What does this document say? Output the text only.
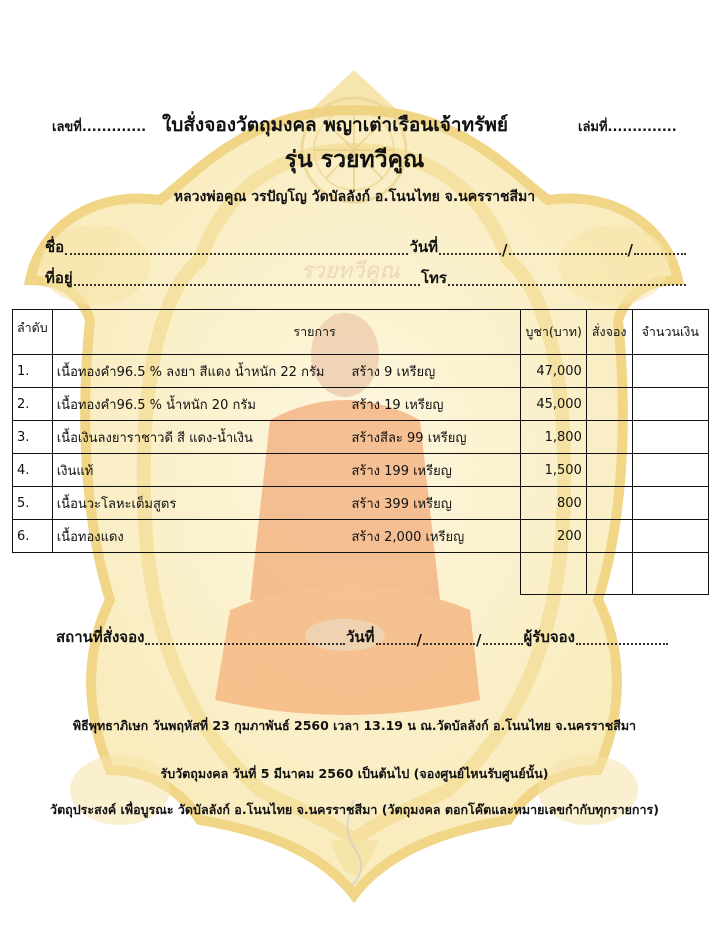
รวยทวีคูณ
เลขที่............. ใบสั่งจองวัตถุมงคล พญาเต่าเรือนเจ้าทรัพย์	เล่มที่..............
รุ่น รวยทวีคูณ
หลวงพ่อคูณ วรปัญโญ วัดบัลลังก์ อ.โนนไทย จ.นครราชสีมา
ชื่อ	วันที่	/	/
ที่อยู่	โทร
ลำดับ	รายการ	บูชา(บาท)	สั่งจอง	จำนวนเงิน
1.	เนื้อทองคำ96.5 % ลงยา สีแดง น้ำหนัก 22 กรัม สร้าง 9 เหรียญ	47,000		
2.	เนื้อทองคำ96.5 % น้ำหนัก 20 กรัม สร้าง 19 เหรียญ	45,000		
3.	เนื้อเงินลงยาราชาวดี สี แดง-น้ำเงิน สร้างสีละ 99 เหรียญ	1,800		
4.	เงินแท้ สร้าง 199 เหรียญ	1,500		
5.	เนื้อนวะโลหะเต็มสูตร สร้าง 399 เหรียญ	800		
6.	เนื้อทองแดง สร้าง 2,000 เหรียญ	200		

สถานที่สั่งจอง	วันที่	/	/	ผู้รับจอง
พิธีพุทธาภิเษก วันพฤหัสที่ 23 กุมภาพันธ์ 2560 เวลา 13.19 น ณ.วัดบัลลังก์ อ.โนนไทย จ.นครราชสีมา
รับวัตถุมงคล วันที่ 5 มีนาคม 2560 เป็นต้นไป (จองศูนย์ไหนรับศูนย์นั้น)
วัตถุประสงค์ เพื่อบูรณะ วัดบัลลังก์ อ.โนนไทย จ.นครราชสีมา (วัตถุมงคล ตอกโค๊ตและหมายเลขกำกับทุกรายการ)
